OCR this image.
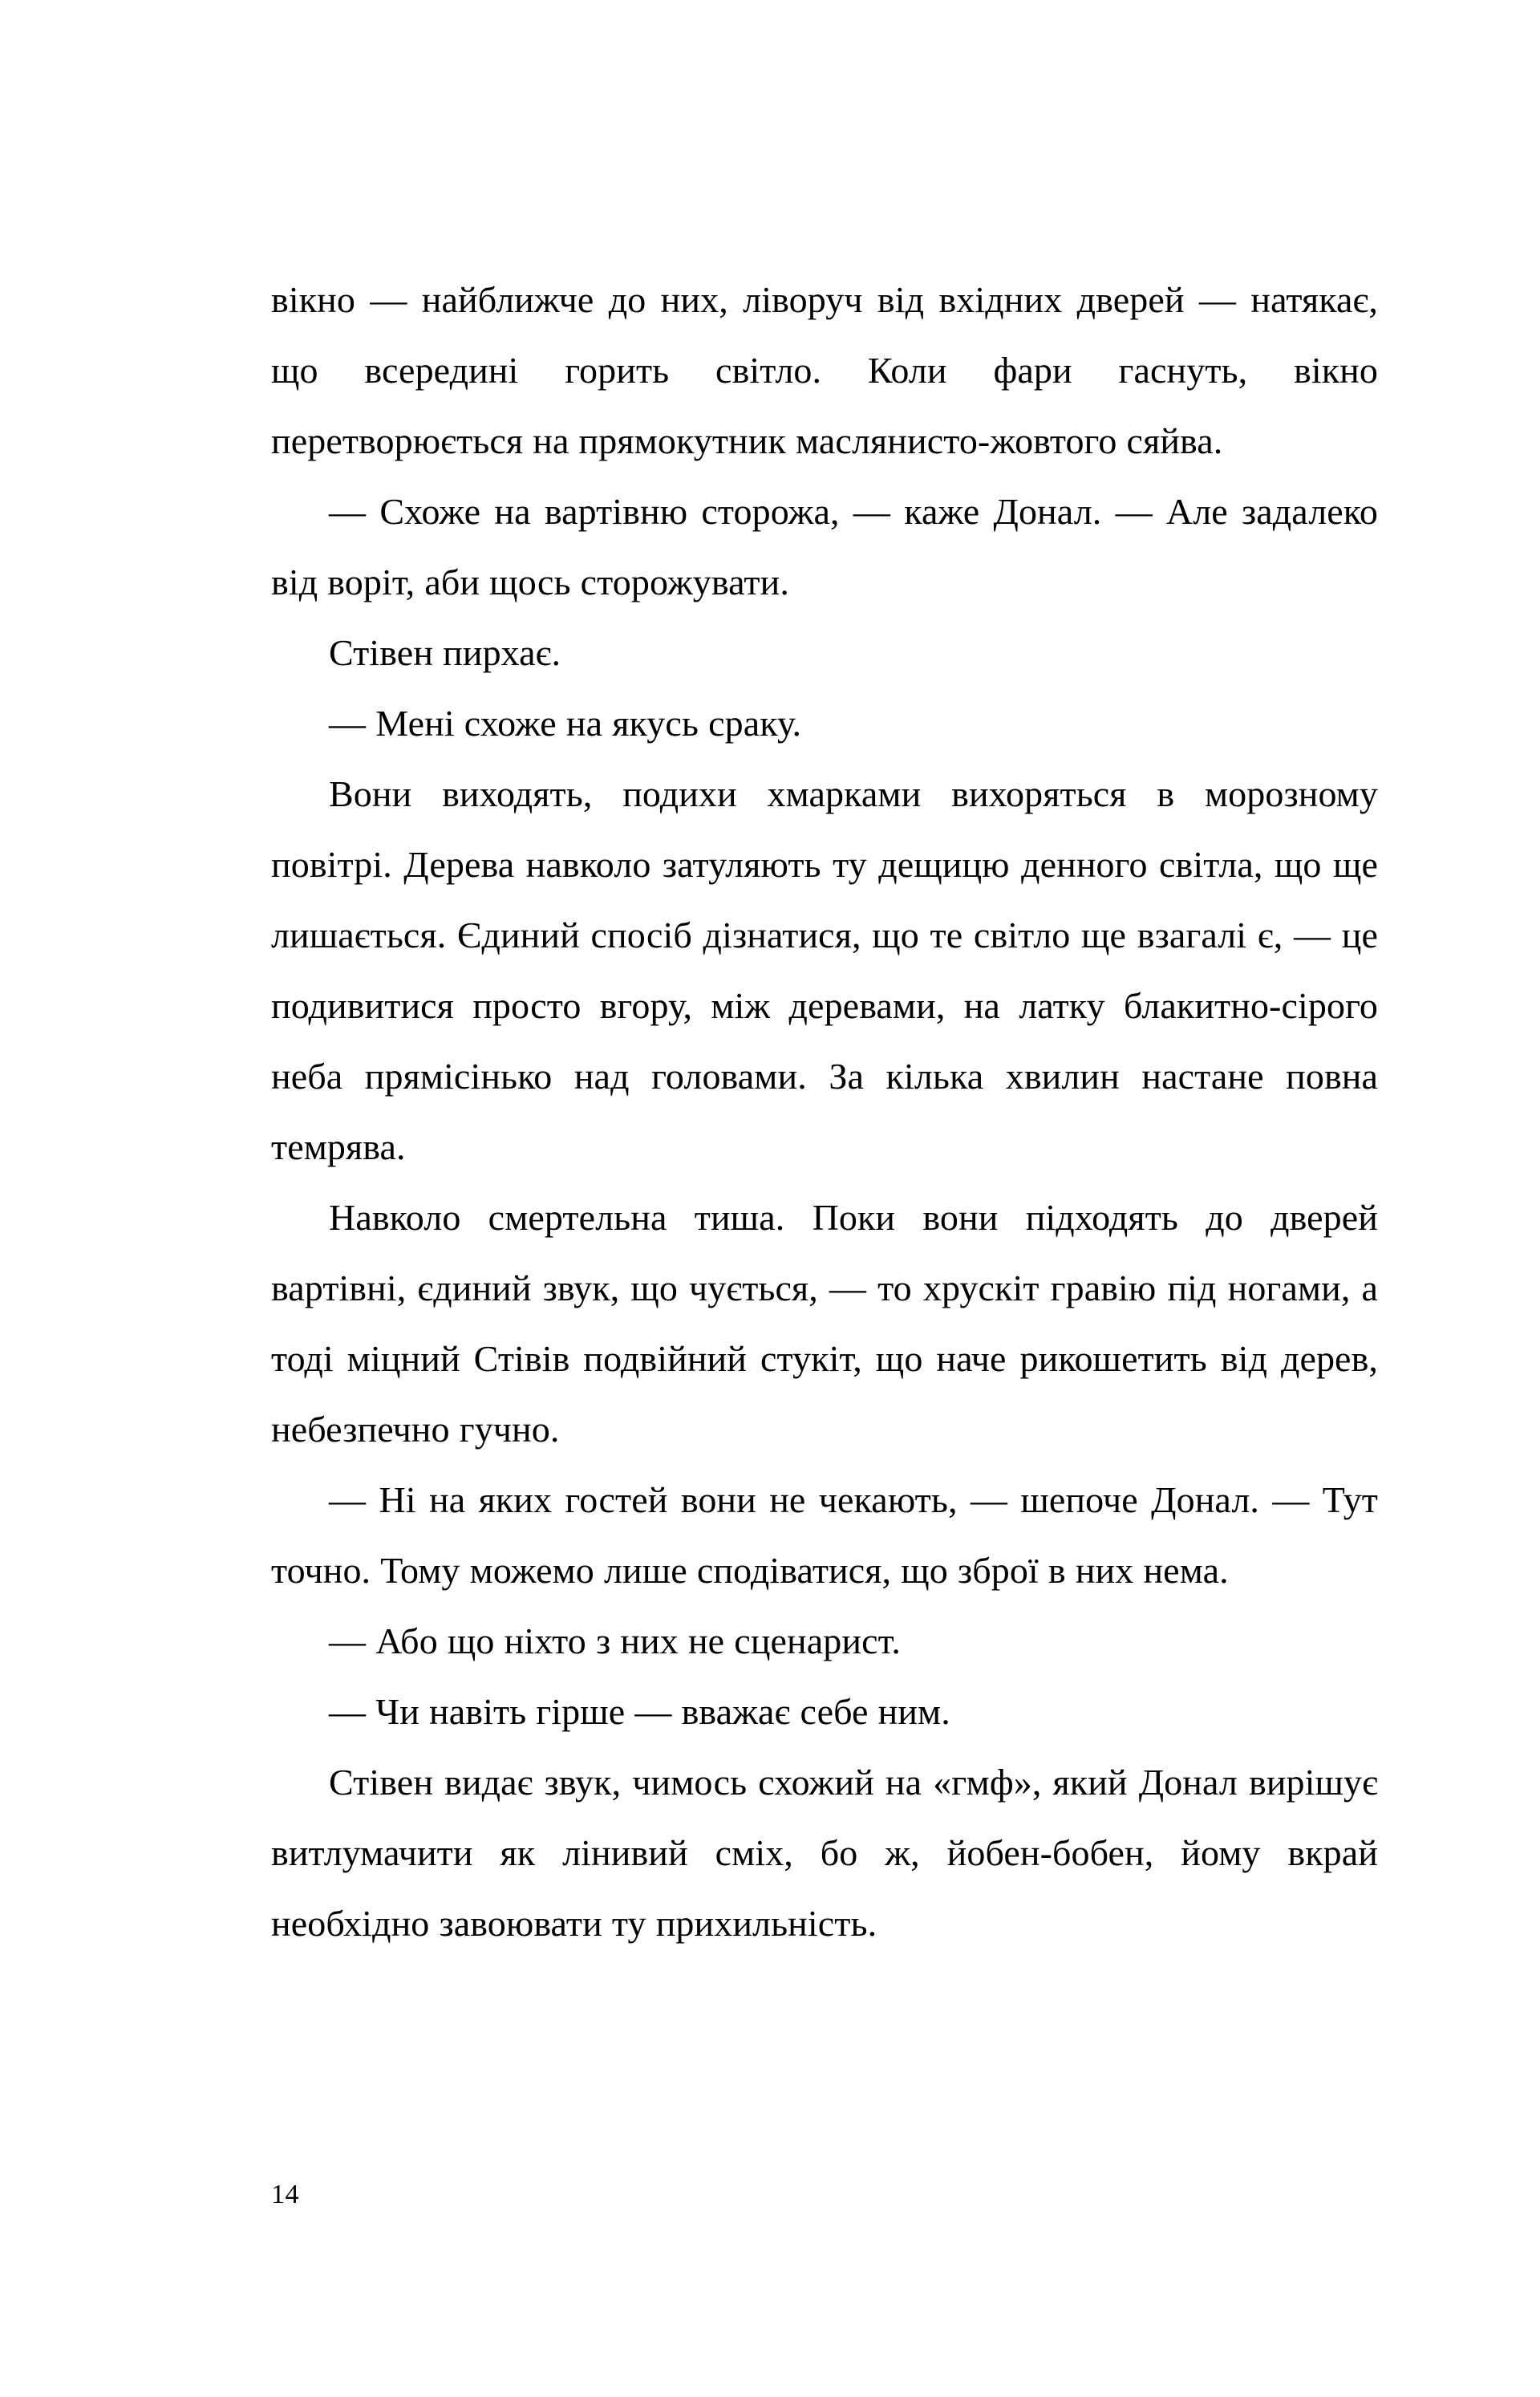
вікно — найближче до них, ліворуч від вхідних дверей — натякає, що всередині горить світло. Коли фари гаснуть, вікно перетворюється на прямокутник маслянисто-жовтого сяйва.

— Схоже на вартівню сторожа, — каже Донал. — Але задалеко від воріт, аби щось сторожувати.

Стівен пирхає.

— Мені схоже на якусь сраку.

Вони виходять, подихи хмарками вихоряться в морозному повітрі. Дерева навколо затуляють ту дещицю денного світла, що ще лишається. Єдиний спосіб дізнатися, що те світло ще взагалі є, — це подивитися просто вгору, між деревами, на латку блакитно-сірого неба прямісінько над головами. За кілька хвилин настане повна темрява.

Навколо смертельна тиша. Поки вони підходять до дверей вартівні, єдиний звук, що чується, — то хрускіт гравію під ногами, а тоді міцний Стівів подвійний стукіт, що наче рикошетить від дерев, небезпечно гучно.

— Ні на яких гостей вони не чекають, — шепоче Донал. — Тут точно. Тому можемо лише сподіватися, що зброї в них нема.

— Або що ніхто з них не сценарист.

— Чи навіть гірше — вважає себе ним.

Стівен видає звук, чимось схожий на «гмф», який Донал вирішує витлумачити як лінивий сміх, бо ж, йобен-бобен, йому вкрай необхідно завоювати ту прихильність.

14
